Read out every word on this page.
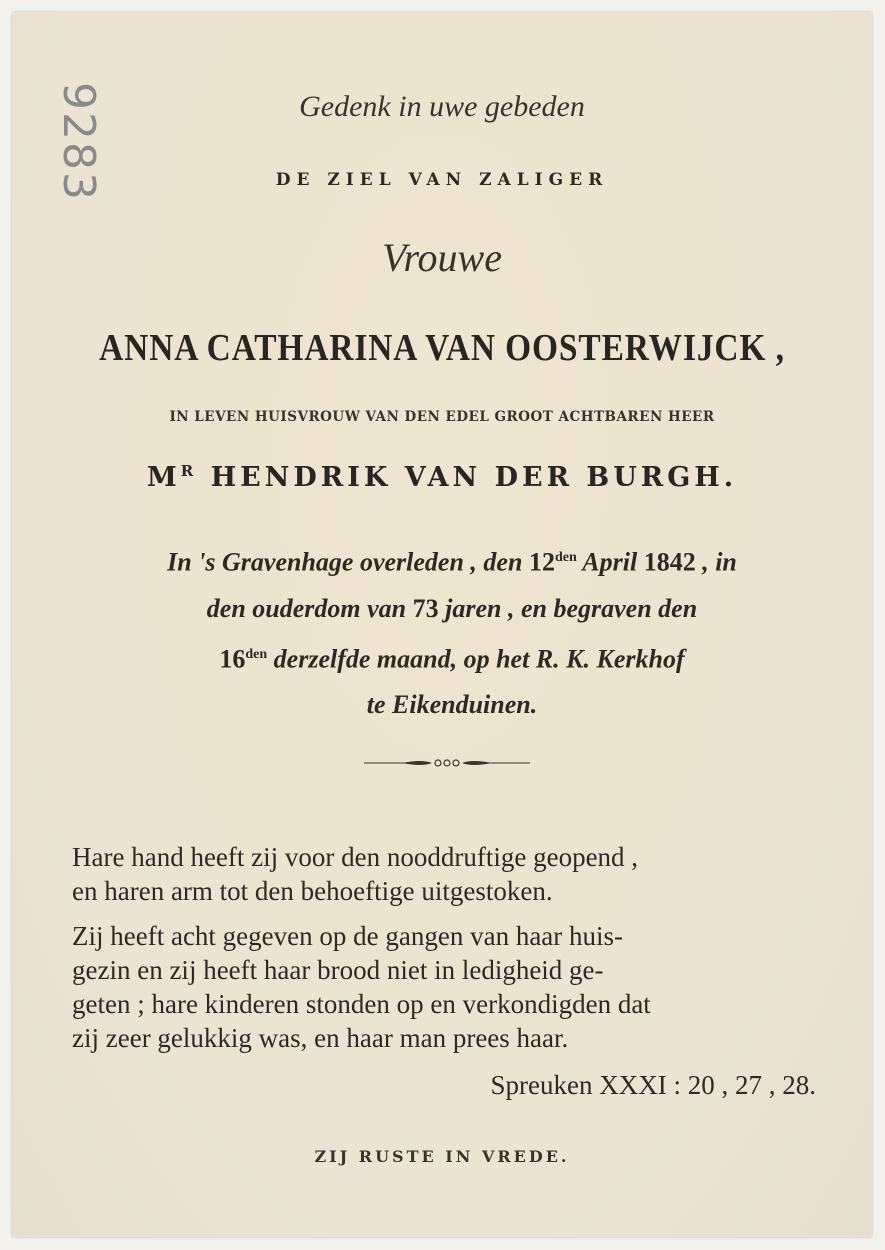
9283	Gedenk in uwe gebeden
DE ZIEL VAN ZALIGER
Vrouwe
ANNA CATHARINA VAN OOSTERWIJCK ,
IN LEVEN HUISVROUW VAN DEN EDEL GROOT ACHTBAREN HEER
$M^R$ HENDRIK VAN DER BURGH.
In 's Gravenhage overleden , den $12^{den}$ April 1842 , in
den ouderdom van 73 jaren , en begraven den
$16^{den}$ derzelfde maand, op het R. K. Kerkhof
te Eikenduinen.
Hare hand heeft zij voor den nooddruftige geopend ,
en haren arm tot den behoeftige uitgestoken.
Zij heeft acht gegeven op de gangen van haar huis-
gezin en zij heeft haar brood niet in ledigheid ge-
geten ; hare kinderen stonden op en verkondigden dat
zij zeer gelukkig was, en haar man prees haar.
Spreuken XXXI : 20 , 27 , 28.
ZIJ RUSTE IN VREDE.
